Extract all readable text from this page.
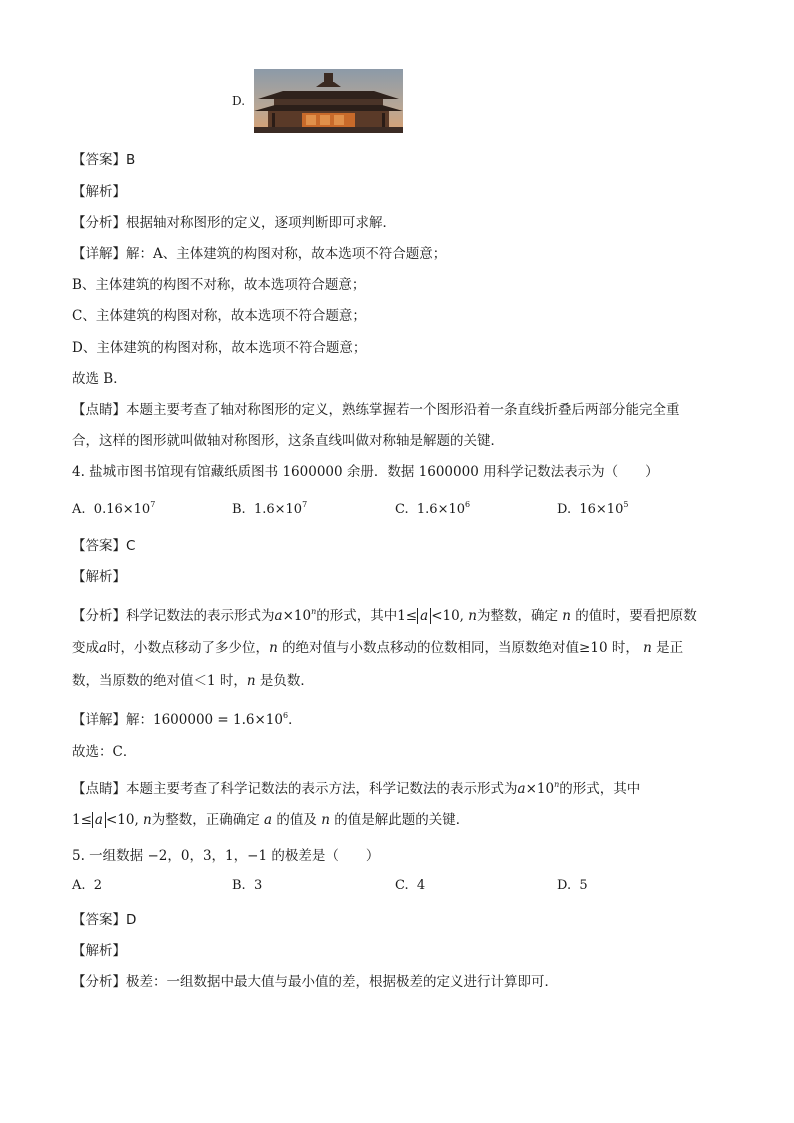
D.
【答案】B
【解析】
【分析】根据轴对称图形的定义，逐项判断即可求解．
【详解】解：A、主体建筑的构图对称，故本选项不符合题意；
B、主体建筑的构图不对称，故本选项符合题意；
C、主体建筑的构图对称，故本选项不符合题意；
D、主体建筑的构图对称，故本选项不符合题意；
故选 B．
【点睛】本题主要考查了轴对称图形的定义，熟练掌握若一个图形沿着一条直线折叠后两部分能完全重
合，这样的图形就叫做轴对称图形，这条直线叫做对称轴是解题的关键．
4. 盐城市图书馆现有馆藏纸质图书 1600000 余册．数据 1600000 用科学记数法表示为（　　）
A. $0.16\times 10^7$	B. $1.6\times 10^7$	C. $1.6\times 10^6$	D. $16\times 10^5$
【答案】C
【解析】
【分析】科学记数法的表示形式为$a\times 10^n$的形式，其中1≤ a <10, n为整数，确定 n 的值时，要看把原数
变成a时，小数点移动了多少位，n 的绝对值与小数点移动的位数相同，当原数绝对值≥10 时， n 是正
数，当原数的绝对值＜1 时，n 是负数．
【详解】解：$1600000 = 1.6\times 10^6$．
故选：C．
【点睛】本题主要考查了科学记数法的表示方法，科学记数法的表示形式为$a\times 10^n$的形式，其中
1≤ a <10, n为整数，正确确定 a 的值及 n 的值是解此题的关键．
5. 一组数据 −2，0，3，1，−1 的极差是（　　）
A. 2	B. 3	C. 4	D. 5
【答案】D
【解析】
【分析】极差：一组数据中最大值与最小值的差，根据极差的定义进行计算即可．
